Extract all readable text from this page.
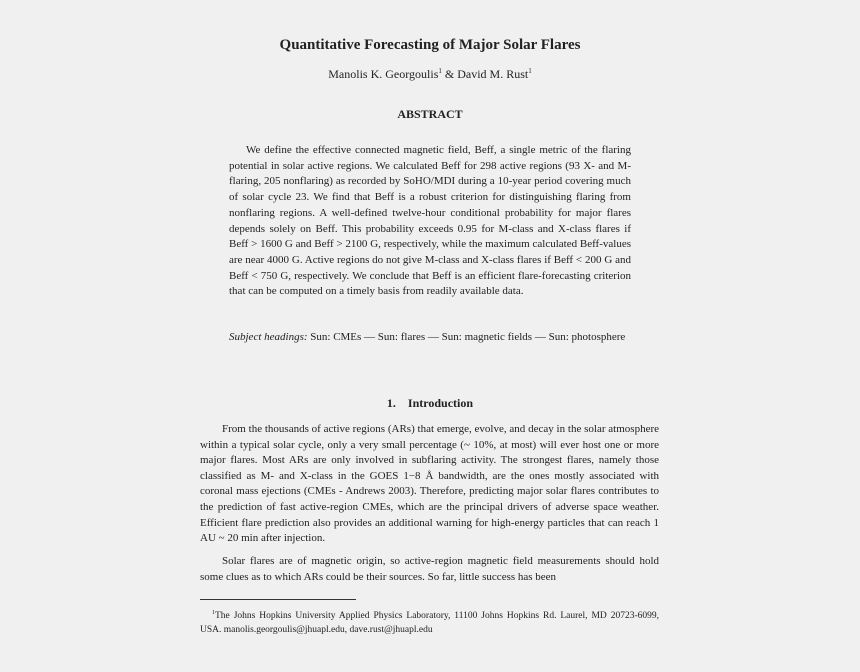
Quantitative Forecasting of Major Solar Flares
Manolis K. Georgoulis$^1$ & David M. Rust$^1$
ABSTRACT

We define the effective connected magnetic field, Beff, a single metric of the flaring potential in solar active regions. We calculated Beff for 298 active regions (93 X- and M-flaring, 205 nonflaring) as recorded by SoHO/MDI during a 10-year period covering much of solar cycle 23. We find that Beff is a robust criterion for distinguishing flaring from nonflaring regions. A well-defined twelve-hour conditional probability for major flares depends solely on Beff. This probability exceeds 0.95 for M-class and X-class flares if Beff > 1600 G and Beff > 2100 G, respectively, while the maximum calculated Beff-values are near 4000 G. Active regions do not give M-class and X-class flares if Beff < 200 G and Beff < 750 G, respectively. We conclude that Beff is an efficient flare-forecasting criterion that can be computed on a timely basis from readily available data.

Subject headings: Sun: CMEs — Sun: flares — Sun: magnetic fields — Sun: photosphere

1. Introduction

From the thousands of active regions (ARs) that emerge, evolve, and decay in the solar atmosphere within a typical solar cycle, only a very small percentage (~ 10%, at most) will ever host one or more major flares. Most ARs are only involved in subflaring activity. The strongest flares, namely those classified as M- and X-class in the GOES 1−8 Å bandwidth, are the ones mostly associated with coronal mass ejections (CMEs - Andrews 2003). Therefore, predicting major solar flares contributes to the prediction of fast active-region CMEs, which are the principal drivers of adverse space weather. Efficient flare prediction also provides an additional warning for high-energy particles that can reach 1 AU ~ 20 min after injection.

Solar flares are of magnetic origin, so active-region magnetic field measurements should hold some clues as to which ARs could be their sources. So far, little success has been

$^1$The Johns Hopkins University Applied Physics Laboratory, 11100 Johns Hopkins Rd. Laurel, MD 20723-6099, USA. manolis.georgoulis@jhuapl.edu, dave.rust@jhuapl.edu
